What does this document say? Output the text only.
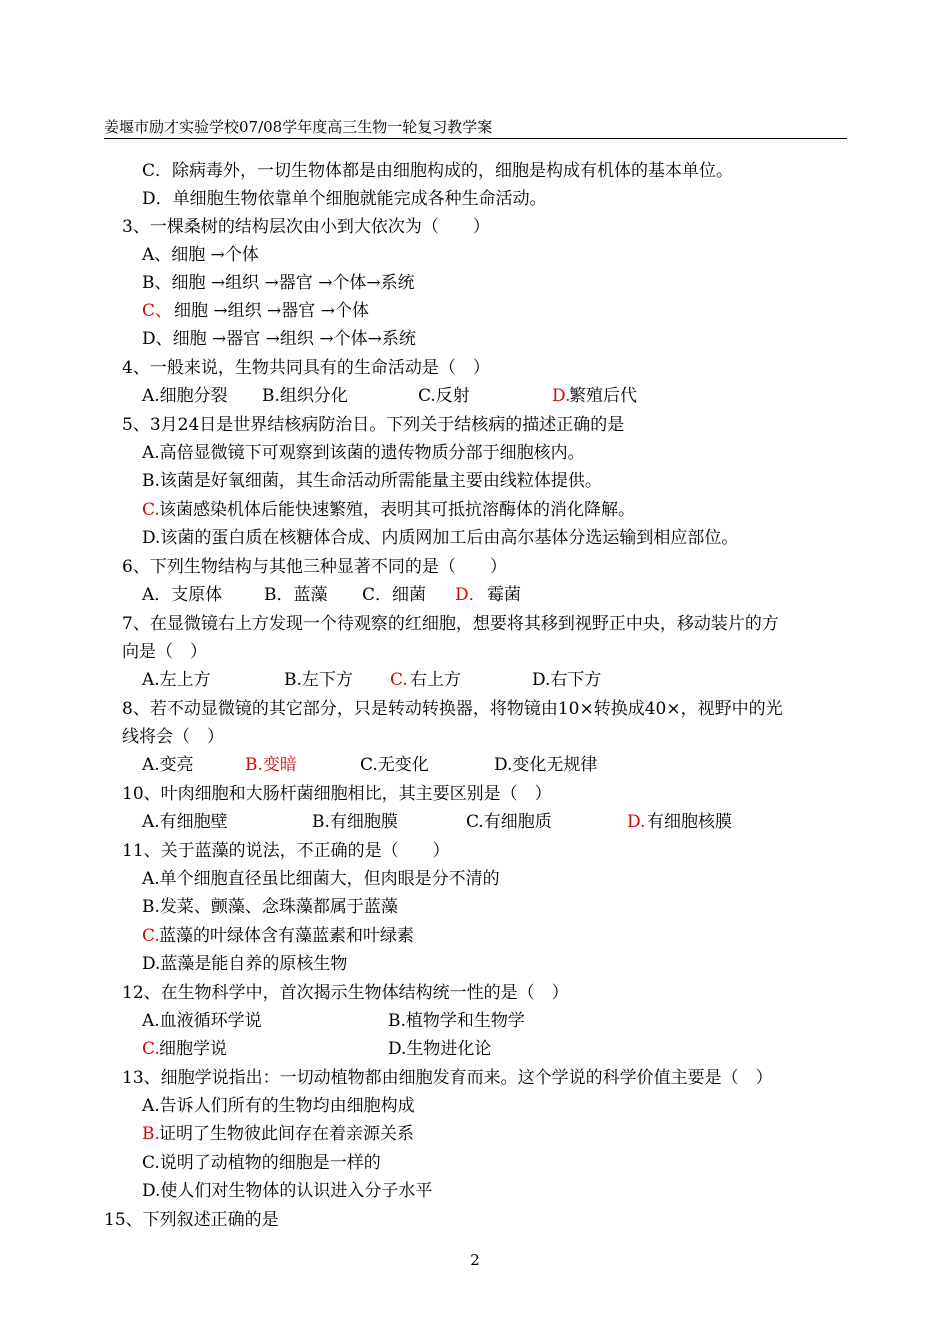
姜堰市励才实验学校07/08学年度高三生物一轮复习教学案
C．除病毒外，一切生物体都是由细胞构成的，细胞是构成有机体的基本单位。
D．单细胞生物依靠单个细胞就能完成各种生命活动。
3、一棵桑树的结构层次由小到大依次为（　　）
A、细胞 →个体
B、细胞 →组织 →器官 →个体→系统
C、 细胞 →组织 →器官 →个体
D、细胞 →器官 →组织 →个体→系统
4、一般来说，生物共同具有的生命活动是（　）
A.细胞分裂 B.组织分化	C.反射	D.
繁殖后代
5、3月24日是世界结核病防治日。下列关于结核病的描述正确的是
A.高倍显微镜下可观察到该菌的遗传物质分部于细胞核内。
B.该菌是好氧细菌，其生命活动所需能量主要由线粒体提供。
C. 该菌感染机体后能快速繁殖，表明其可抵抗溶酶体的消化降解。
D.该菌的蛋白质在核糖体合成、内质网加工后由高尔基体分选运输到相应部位。
6、下列生物结构与其他三种显著不同的是（　　）
A．支原体 B．蓝藻 C．细菌 D． 霉菌
7、在显微镜右上方发现一个待观察的红细胞，想要将其移到视野正中央，移动装片的方
向是（　）
A.左上方	B.左下方 C. 右上方	D.右下方
8、若不动显微镜的其它部分，只是转动转换器，将物镜由10×转换成40×，视野中的光
线将会（　）
A.变亮	B.变暗	C.无变化	D.变化无规律
10、叶肉细胞和大肠杆菌细胞相比，其主要区别是（　）
A.有细胞壁	B.有细胞膜	C.有细胞质	D. 有细胞核膜
11、关于蓝藻的说法，不正确的是（　　）
A.单个细胞直径虽比细菌大，但肉眼是分不清的
B.发菜、颤藻、念珠藻都属于蓝藻
C. 蓝藻的叶绿体含有藻蓝素和叶绿素
D.蓝藻是能自养的原核生物
12、在生物科学中，首次揭示生物体结构统一性的是（　）
A.血液循环学说	B.植物学和生物学
C. 细胞学说	D.生物进化论
13、细胞学说指出：一切动植物都由细胞发育而来。这个学说的科学价值主要是（　）
A.告诉人们所有的生物均由细胞构成
B. 证明了生物彼此间存在着亲源关系
C.说明了动植物的细胞是一样的
D.使人们对生物体的认识进入分子水平
15、下列叙述正确的是
2
